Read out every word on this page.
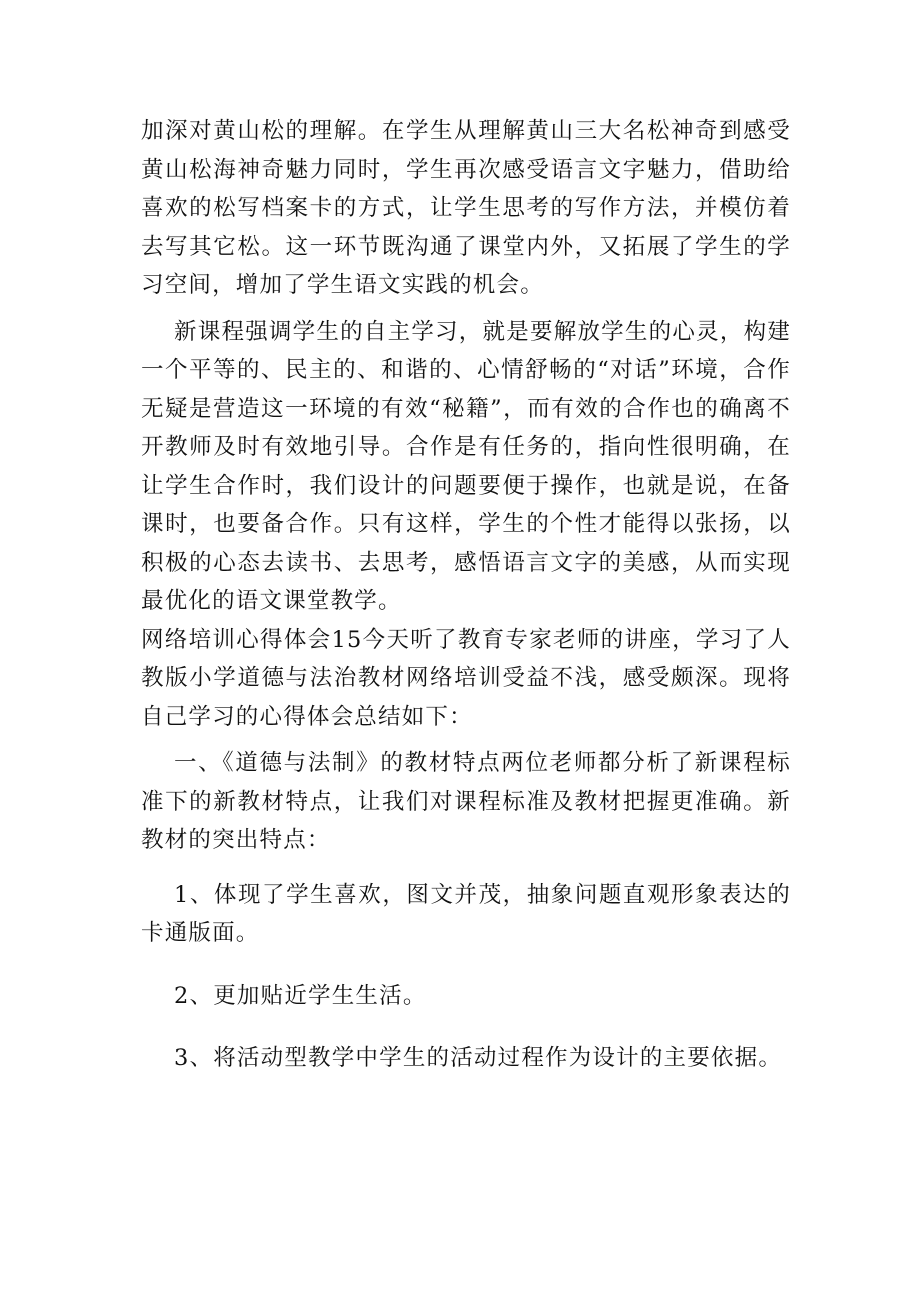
加深对黄山松的理解。在学生从理解黄山三大名松神奇到感受黄山松海神奇魅力同时，学生再次感受语言文字魅力，借助给喜欢的松写档案卡的方式，让学生思考的写作方法，并模仿着去写其它松。这一环节既沟通了课堂内外，又拓展了学生的学习空间，增加了学生语文实践的机会。

新课程强调学生的自主学习，就是要解放学生的心灵，构建一个平等的、民主的、和谐的、心情舒畅的“对话”环境，合作无疑是营造这一环境的有效“秘籍”，而有效的合作也的确离不开教师及时有效地引导。合作是有任务的，指向性很明确，在让学生合作时，我们设计的问题要便于操作，也就是说，在备课时，也要备合作。只有这样，学生的个性才能得以张扬，以积极的心态去读书、去思考，感悟语言文字的美感，从而实现最优化的语文课堂教学。

网络培训心得体会15今天听了教育专家老师的讲座，学习了人教版小学道德与法治教材网络培训受益不浅，感受颇深。现将自己学习的心得体会总结如下：

一、《道德与法制》的教材特点两位老师都分析了新课程标准下的新教材特点，让我们对课程标准及教材把握更准确。新教材的突出特点：

1、体现了学生喜欢，图文并茂，抽象问题直观形象表达的卡通版面。

2、更加贴近学生生活。

3、将活动型教学中学生的活动过程作为设计的主要依据。
